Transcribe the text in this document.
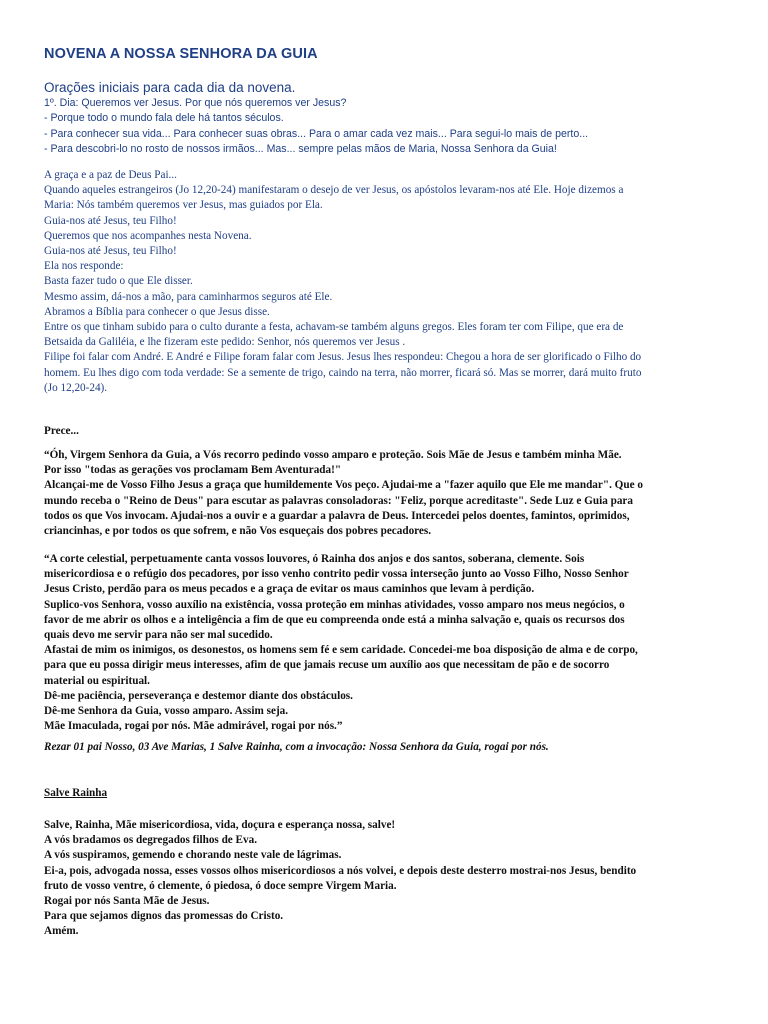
NOVENA A NOSSA SENHORA DA GUIA
Orações iniciais para cada dia da novena.
1º. Dia: Queremos ver Jesus. Por que nós queremos ver Jesus?
- Porque todo o mundo fala dele há tantos séculos.
- Para conhecer sua vida... Para conhecer suas obras... Para o amar cada vez mais... Para segui-lo mais de perto...
- Para descobri-lo no rosto de nossos irmãos... Mas... sempre pelas mãos de Maria, Nossa Senhora da Guia!
A graça e a paz de Deus Pai...
Quando aqueles estrangeiros (Jo 12,20-24) manifestaram o desejo de ver Jesus, os apóstolos levaram-nos até Ele. Hoje dizemos a
Maria: Nós também queremos ver Jesus, mas guiados por Ela.
Guia-nos até Jesus, teu Filho!
Queremos que nos acompanhes nesta Novena.
Guia-nos até Jesus, teu Filho!
Ela nos responde:
Basta fazer tudo o que Ele disser.
Mesmo assim, dá-nos a mão, para caminharmos seguros até Ele.
Abramos a Bíblia para conhecer o que Jesus disse.
Entre os que tinham subido para o culto durante a festa, achavam-se também alguns gregos. Eles foram ter com Filipe, que era de
Betsaida da Galiléia, e lhe fizeram este pedido: Senhor, nós queremos ver Jesus .
Filipe foi falar com André. E André e Filipe foram falar com Jesus. Jesus lhes respondeu: Chegou a hora de ser glorificado o Filho do
homem. Eu lhes digo com toda verdade: Se a semente de trigo, caindo na terra, não morrer, ficará só. Mas se morrer, dará muito fruto
(Jo 12,20-24).
Prece...
“Óh, Virgem Senhora da Guia, a Vós recorro pedindo vosso amparo e proteção. Sois Mãe de Jesus e também minha Mãe.
Por isso "todas as gerações vos proclamam Bem Aventurada!"
Alcançai-me de Vosso Filho Jesus a graça que humildemente Vos peço. Ajudai-me a "fazer aquilo que Ele me mandar". Que o
mundo receba o "Reino de Deus" para escutar as palavras consoladoras: "Feliz, porque acreditaste". Sede Luz e Guia para
todos os que Vos invocam. Ajudai-nos a ouvir e a guardar a palavra de Deus. Intercedei pelos doentes, famintos, oprimidos,
criancinhas, e por todos os que sofrem, e não Vos esqueçais dos pobres pecadores.
“A corte celestial, perpetuamente canta vossos louvores, ó Rainha dos anjos e dos santos, soberana, clemente. Sois
misericordiosa e o refúgio dos pecadores, por isso venho contrito pedir vossa interseção junto ao Vosso Filho, Nosso Senhor
Jesus Cristo, perdão para os meus pecados e a graça de evitar os maus caminhos que levam à perdição.
Suplico-vos Senhora, vosso auxílio na existência, vossa proteção em minhas atividades, vosso amparo nos meus negócios, o
favor de me abrir os olhos e a inteligência a fim de que eu compreenda onde está a minha salvação e, quais os recursos dos
quais devo me servir para não ser mal sucedido.
Afastai de mim os inimigos, os desonestos, os homens sem fé e sem caridade. Concedei-me boa disposição de alma e de corpo,
para que eu possa dirigir meus interesses, afim de que jamais recuse um auxílio aos que necessitam de pão e de socorro
material ou espiritual.
Dê-me paciência, perseverança e destemor diante dos obstáculos.
Dê-me Senhora da Guia, vosso amparo. Assim seja.
Mãe Imaculada, rogai por nós. Mãe admirável, rogai por nós.”
Rezar 01 pai Nosso, 03 Ave Marias, 1 Salve Rainha, com a invocação: Nossa Senhora da Guia, rogai por nós.
Salve Rainha
Salve, Rainha, Mãe misericordiosa, vida, doçura e esperança nossa, salve!
A vós bradamos os degregados filhos de Eva.
A vós suspiramos, gemendo e chorando neste vale de lágrimas.
Ei-a, pois, advogada nossa, esses vossos olhos misericordiosos a nós volvei, e depois deste desterro mostrai-nos Jesus, bendito
fruto de vosso ventre, ó clemente, ó piedosa, ó doce sempre Virgem Maria.
Rogai por nós Santa Mãe de Jesus.
Para que sejamos dignos das promessas do Cristo.
Amém.
